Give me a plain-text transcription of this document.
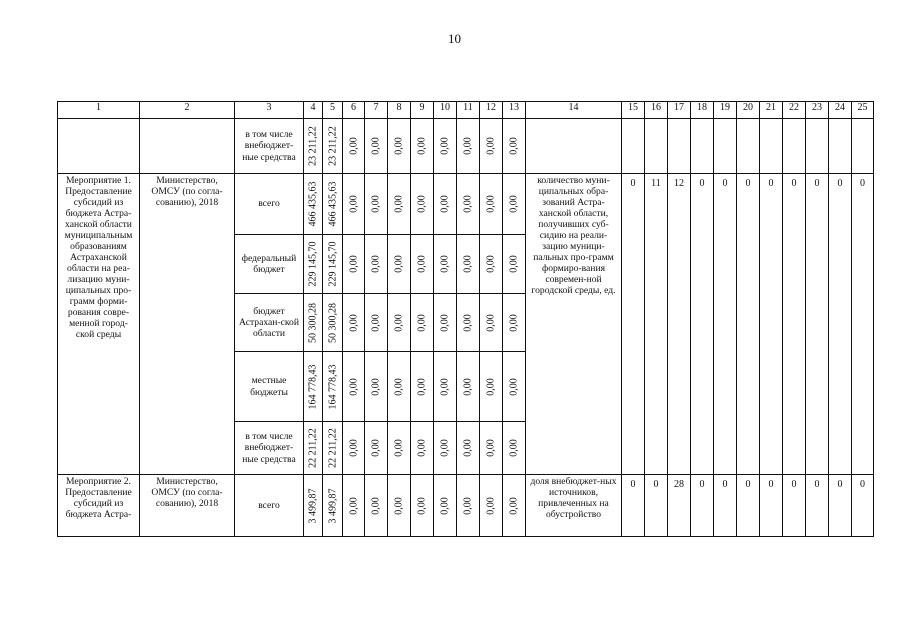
10
1	2	3	4	5	6	7	8	9	10	11	12	13	14	15	16	17	18	19	20	21	22	23	24	25
		в том числе внебюджет-ные средства	23 211,22	23 211,22	0,00	0,00	0,00	0,00	0,00	0,00	0,00	0,00												

Мероприятие 1. Предоставление субсидий из бюджета Астра-ханской области муниципальным образованиям Астраханской области на реа-лизацию муни-ципальных про-грамм форми-рования совре-менной город-ской среды	Министерство, ОМСУ (по согла-сованию), 2018	всего	466 435,63	466 435,63	0,00	0,00	0,00	0,00	0,00	0,00	0,00	0,00	количество муни-ципальных обра-зований Астра-ханской области, получивших суб-сидию на реали-зацию муници-пальных про-грамм формиро-вания современ-ной городской среды, ед.	0	11	12	0	0	0	0	0	0	0	0
		федеральный бюджет	229 145,70	229 145,70	0,00	0,00	0,00	0,00	0,00	0,00	0,00	0,00												

		бюджет Астрахан-ской области	50 300,28	50 300,28	0,00	0,00	0,00	0,00	0,00	0,00	0,00	0,00												

		местные бюджеты	164 778,43	164 778,43	0,00	0,00	0,00	0,00	0,00	0,00	0,00	0,00												

		в том числе внебюджет-ные средства	22 211,22	22 211,22	0,00	0,00	0,00	0,00	0,00	0,00	0,00	0,00												

Мероприятие 2. Предоставление субсидий из бюджета Астра-	Министерство, ОМСУ (по согла-сованию), 2018	всего	3 499,87	3 499,87	0,00	0,00	0,00	0,00	0,00	0,00	0,00	0,00	доля внебюджет-ных источников, привлеченных на обустройство	0	0	28	0	0	0	0	0	0	0	0
